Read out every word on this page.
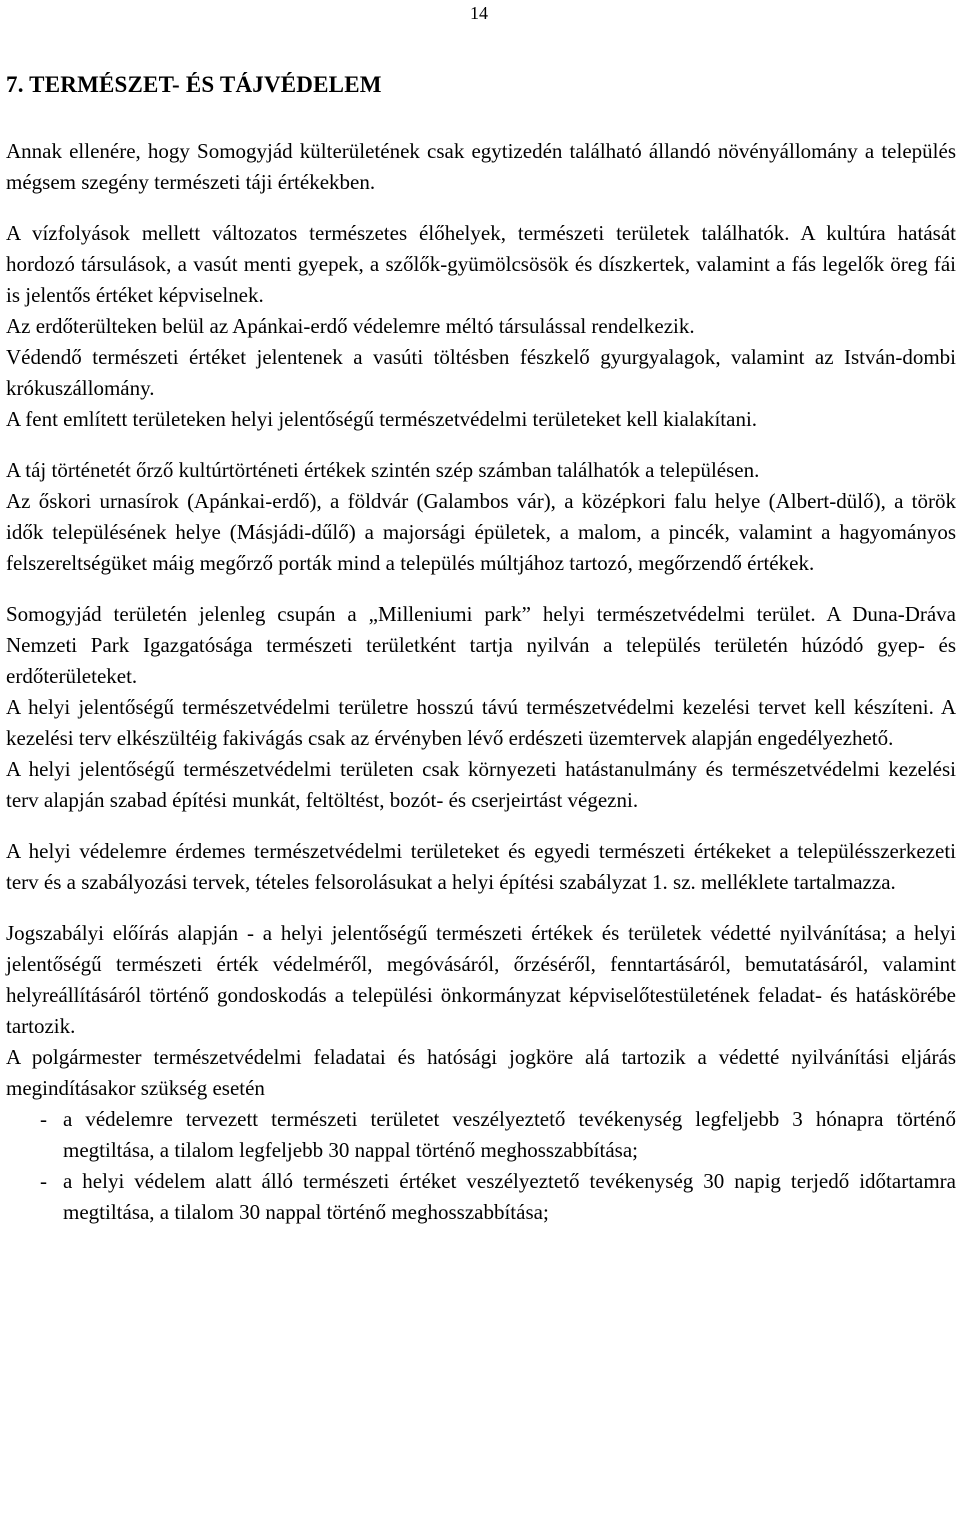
14
7. TERMÉSZET- ÉS TÁJVÉDELEM

Annak ellenére, hogy Somogyjád külterületének csak egytizedén található állandó növényállomány a település mégsem szegény természeti táji értékekben.

A vízfolyások mellett változatos természetes élőhelyek, természeti területek találhatók. A kultúra hatását hordozó társulások, a vasút menti gyepek, a szőlők-gyümölcsösök és díszkertek, valamint a fás legelők öreg fái is jelentős értéket képviselnek.

Az erdőterülteken belül az Apánkai-erdő védelemre méltó társulással rendelkezik.

Védendő természeti értéket jelentenek a vasúti töltésben fészkelő gyurgyalagok, valamint az István-dombi krókuszállomány.

A fent említett területeken helyi jelentőségű természetvédelmi területeket kell kialakítani.

A táj történetét őrző kultúrtörténeti értékek szintén szép számban találhatók a településen.

Az őskori urnasírok (Apánkai-erdő), a földvár (Galambos vár), a középkori falu helye (Albert-dülő), a török idők településének helye (Másjádi-dűlő) a majorsági épületek, a malom, a pincék, valamint a hagyományos felszereltségüket máig megőrző porták mind a település múltjához tartozó, megőrzendő értékek.

Somogyjád területén jelenleg csupán a „Milleniumi park” helyi természetvédelmi terület. A Duna-Dráva Nemzeti Park Igazgatósága természeti területként tartja nyilván a település területén húzódó gyep- és erdőterületeket.

A helyi jelentőségű természetvédelmi területre hosszú távú természetvédelmi kezelési tervet kell készíteni. A kezelési terv elkészültéig fakivágás csak az érvényben lévő erdészeti üzemtervek alapján engedélyezhető.

A helyi jelentőségű természetvédelmi területen csak környezeti hatástanulmány és természetvédelmi kezelési terv alapján szabad építési munkát, feltöltést, bozót- és cserjeirtást végezni.

A helyi védelemre érdemes természetvédelmi területeket és egyedi természeti értékeket a településszerkezeti terv és a szabályozási tervek, tételes felsorolásukat a helyi építési szabályzat 1. sz. melléklete tartalmazza.

Jogszabályi előírás alapján - a helyi jelentőségű természeti értékek és területek védetté nyilvánítása; a helyi jelentőségű természeti érték védelméről, megóvásáról, őrzéséről, fenntartásáról, bemutatásáról, valamint helyreállításáról történő gondoskodás a települési önkormányzat képviselőtestületének feladat- és hatáskörébe tartozik.

A polgármester természetvédelmi feladatai és hatósági jogköre alá tartozik a védetté nyilvánítási eljárás megindításakor szükség esetén

- a védelemre tervezett természeti területet veszélyeztető tevékenység legfeljebb 3 hónapra történő megtiltása, a tilalom legfeljebb 30 nappal történő meghosszabbítása;
- a helyi védelem alatt álló természeti értéket veszélyeztető tevékenység 30 napig terjedő időtartamra megtiltása, a tilalom 30 nappal történő meghosszabbítása;
